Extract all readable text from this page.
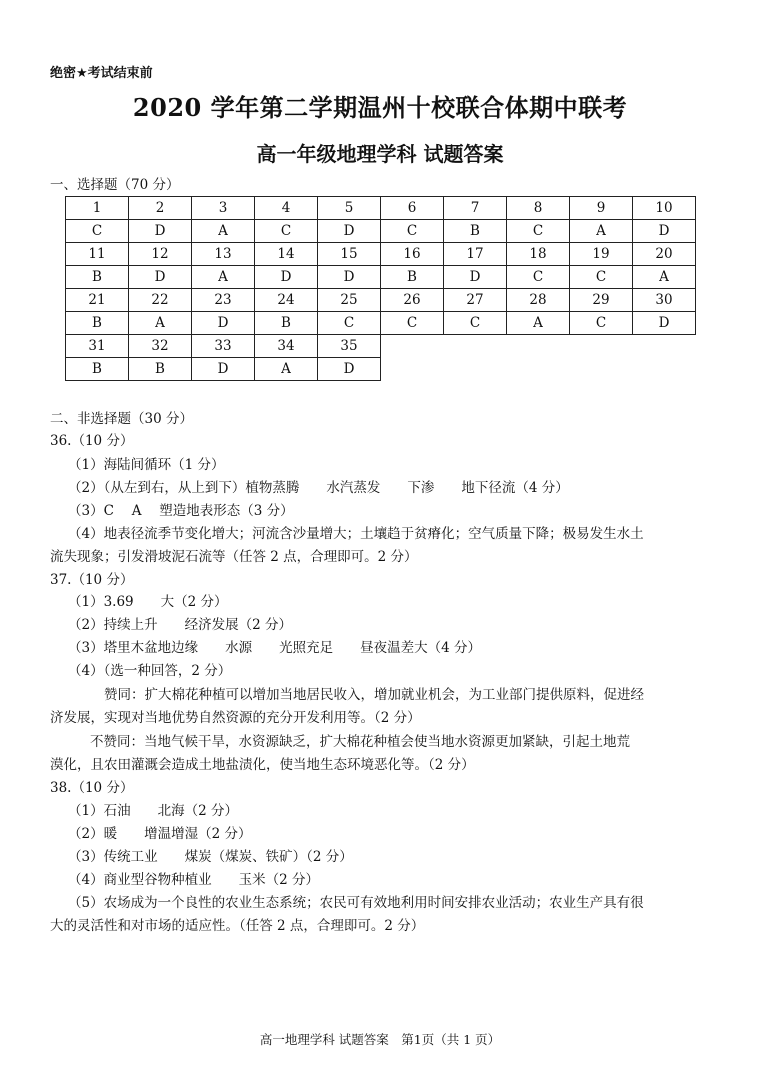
绝密★考试结束前
2020 学年第二学期温州十校联合体期中联考
高一年级地理学科 试题答案
一、选择题（70 分）
1	2	3	4	5	6	7	8	9	10
C	D	A	C	D	C	B	C	A	D
11	12	13	14	15	16	17	18	19	20
B	D	A	D	D	B	D	C	C	A
21	22	23	24	25	26	27	28	29	30
B	A	D	B	C	C	C	A	C	D
31	32	33	34	35					
B	B	D	A	D					
二、非选择题（30 分）
36.（10 分）
（1）海陆间循环（1 分）
（2）（从左到右，从上到下）植物蒸腾　　水汽蒸发　　下渗　　地下径流（4 分）
（3）C　 A　 塑造地表形态（3 分）
（4）地表径流季节变化增大；河流含沙量增大；土壤趋于贫瘠化；空气质量下降；极易发生水土
流失现象；引发滑坡泥石流等（任答 2 点，合理即可。2 分）
37.（10 分）
（1）3.69　　大（2 分）
（2）持续上升　　经济发展（2 分）
（3）塔里木盆地边缘　　水源　　光照充足　　昼夜温差大（4 分）
（4）（选一种回答，2 分）
赞同：扩大棉花种植可以增加当地居民收入，增加就业机会，为工业部门提供原料，促进经
济发展，实现对当地优势自然资源的充分开发利用等。（2 分）
不赞同：当地气候干旱，水资源缺乏，扩大棉花种植会使当地水资源更加紧缺，引起土地荒
漠化，且农田灌溉会造成土地盐渍化，使当地生态环境恶化等。（2 分）
38.（10 分）
（1）石油　　北海（2 分）
（2）暖　　增温增湿（2 分）
（3）传统工业　　煤炭（煤炭、铁矿）（2 分）
（4）商业型谷物种植业　　玉米（2 分）
（5）农场成为一个良性的农业生态系统；农民可有效地利用时间安排农业活动；农业生产具有很
大的灵活性和对市场的适应性。（任答 2 点，合理即可。2 分）
高一地理学科 试题答案　第1页（共 1 页）
